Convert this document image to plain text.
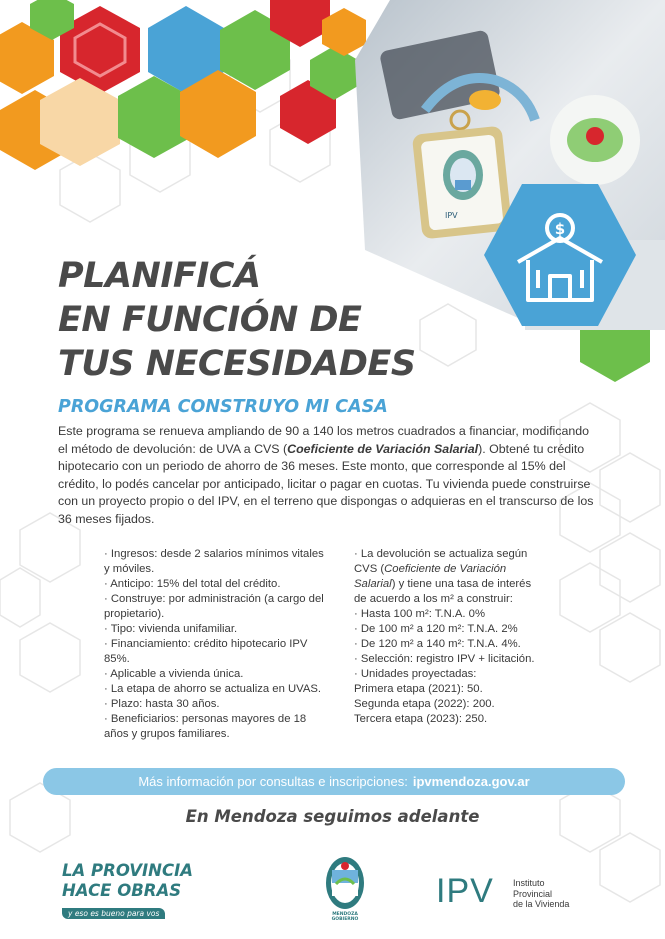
IPV
$
PLANIFICÁ
EN FUNCIÓN DE
TUS NECESIDADES
PROGRAMA CONSTRUYO MI CASA
Este programa se renueva ampliando de 90 a 140 los metros cuadrados a financiar, modificando el método de devolución: de UVA a CVS (Coeficiente de Variación Salarial). Obtené tu crédito hipotecario con un periodo de ahorro de 36 meses. Este monto, que corresponde al 15% del crédito, lo podés cancelar por anticipado, licitar o pagar en cuotas. Tu vivienda puede construirse con un proyecto propio o del IPV, en el terreno que dispongas o adquieras en el transcurso de los 36 meses fijados.

· Ingresos: desde 2 salarios mínimos vitales y móviles.

· Anticipo: 15% del total del crédito.

· Construye: por administración (a cargo del propietario).

· Tipo: vivienda unifamiliar.

· Financiamiento: crédito hipotecario IPV 85%.

· Aplicable a vivienda única.

· La etapa de ahorro se actualiza en UVAS.

· Plazo: hasta 30 años.

· Beneficiarios: personas mayores de 18 años y grupos familiares.

· La devolución se actualiza según CVS (Coeficiente de Variación Salarial) y tiene una tasa de interés de acuerdo a los m² a construir:

· Hasta 100 m²: T.N.A. 0%

· De 100 m² a 120 m²: T.N.A. 2%

· De 120 m² a 140 m²: T.N.A. 4%.

· Selección: registro IPV + licitación.

· Unidades proyectadas:

Primera etapa (2021): 50.

Segunda etapa (2022): 200.

Tercera etapa (2023): 250.

Más información por consultas e inscripciones: ipvmendoza.gov.ar
En Mendoza seguimos adelante
LA PROVINCIA
HACE OBRAS
y eso es bueno para vos	MENDOZA GOBIERNO
IPV Instituto
Provincial
de la Vivienda
